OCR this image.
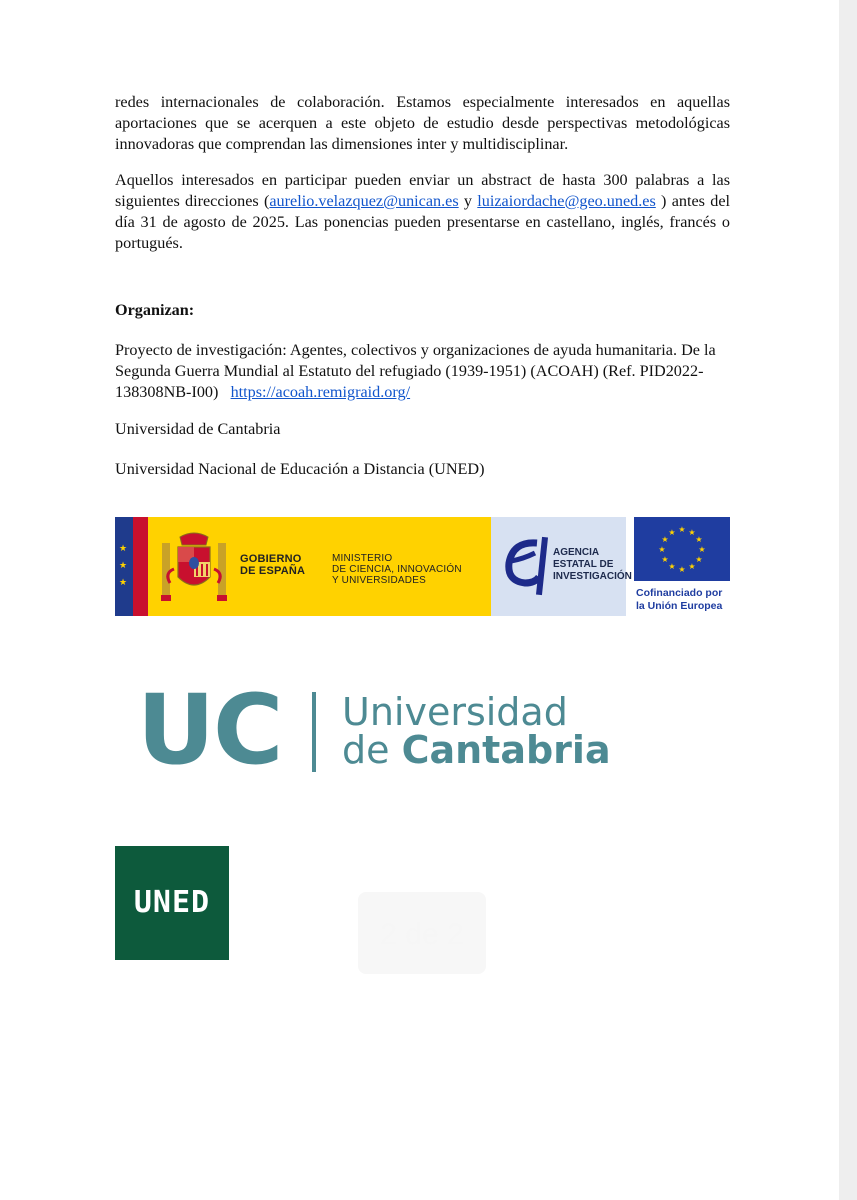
redes internacionales de colaboración. Estamos especialmente interesados en aquellas aportaciones que se acerquen a este objeto de estudio desde perspectivas metodológicas innovadoras que comprendan las dimensiones inter y multidisciplinar.
Aquellos interesados en participar pueden enviar un abstract de hasta 300 palabras a las siguientes direcciones (aurelio.velazquez@unican.es y luizaiordache@geo.uned.es ) antes del día 31 de agosto de 2025. Las ponencias pueden presentarse en castellano, inglés, francés o portugués.
Organizan:
Proyecto de investigación: Agentes, colectivos y organizaciones de ayuda humanitaria. De la Segunda Guerra Mundial al Estatuto del refugiado (1939-1951) (ACOAH) (Ref. PID2022-138308NB-I00) https://acoah.remigraid.org/
Universidad de Cantabria
Universidad Nacional de Educación a Distancia (UNED)
★
★
★
GOBIERNO
DE ESPAÑA
MINISTERIO
DE CIENCIA, INNOVACIÓN
Y UNIVERSIDADES
AGENCIA
ESTATAL DE
INVESTIGACIÓN
★ ★
★
★
★
★
★
★
★
★
★
★
Cofinanciado por
la Unión Europea
UC Universidad
de Cantabria
UNED
2 de 2
